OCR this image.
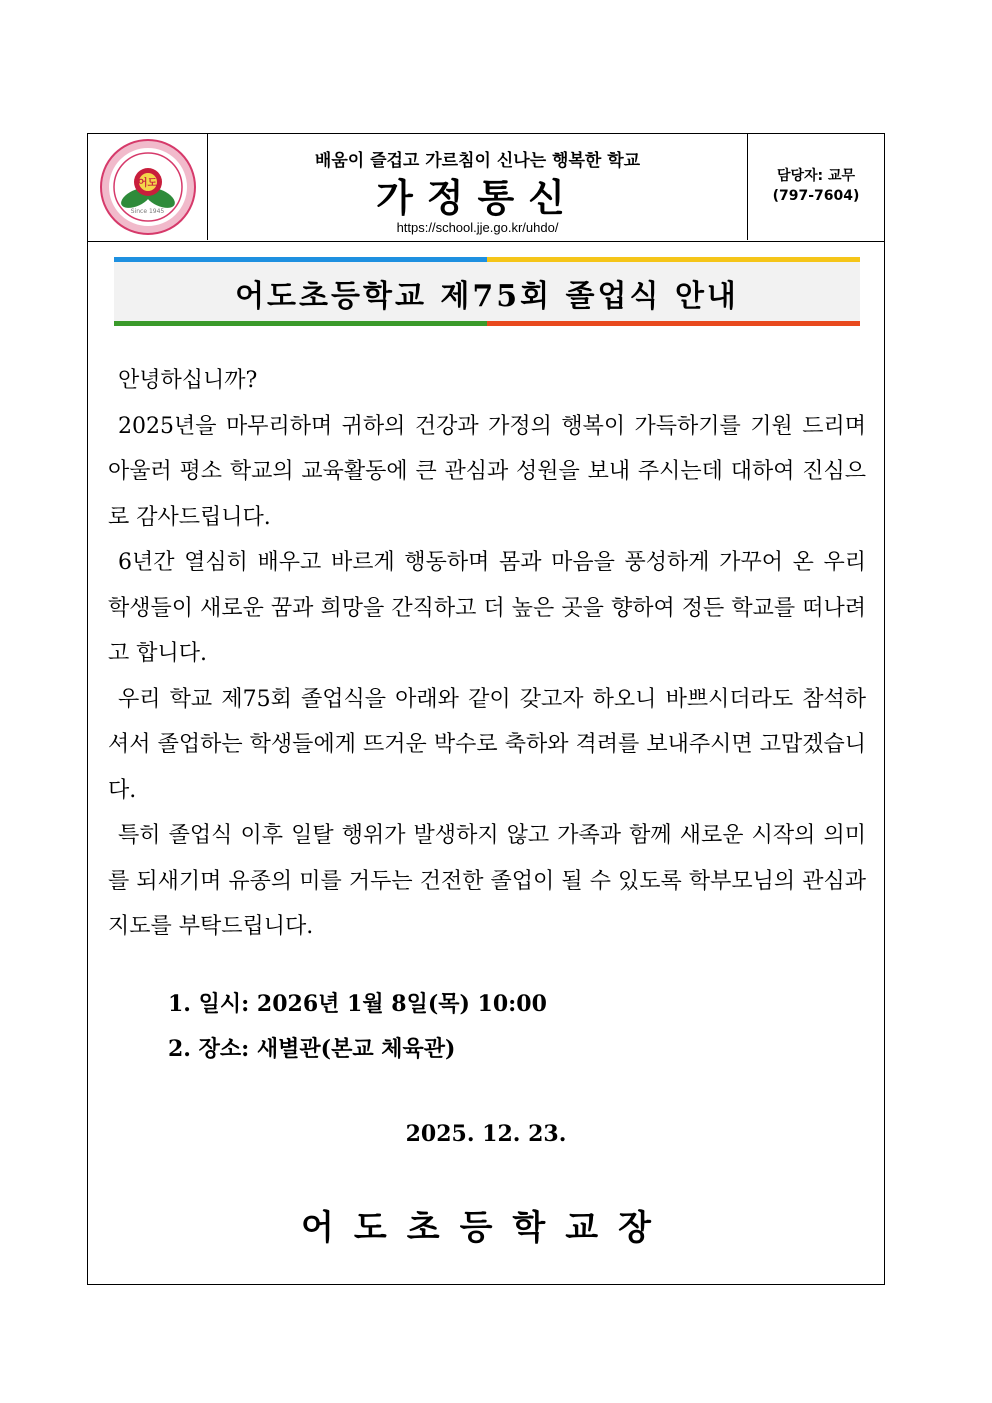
어도
Since 1945
배움이 즐겁고 가르침이 신나는 행복한 학교
가정통신
https://school.jje.go.kr/uhdo/
담당자: 교무
(797-7604)
어도초등학교 제75회 졸업식 안내

안녕하십니까?

2025년을 마무리하며 귀하의 건강과 가정의 행복이 가득하기를 기원 드리며 아울러 평소 학교의 교육활동에 큰 관심과 성원을 보내 주시는데 대하여 진심으로 감사드립니다.

6년간 열심히 배우고 바르게 행동하며 몸과 마음을 풍성하게 가꾸어 온 우리 학생들이 새로운 꿈과 희망을 간직하고 더 높은 곳을 향하여 정든 학교를 떠나려고 합니다.

우리 학교 제75회 졸업식을 아래와 같이 갖고자 하오니 바쁘시더라도 참석하셔서 졸업하는 학생들에게 뜨거운 박수로 축하와 격려를 보내주시면 고맙겠습니다.

특히 졸업식 이후 일탈 행위가 발생하지 않고 가족과 함께 새로운 시작의 의미를 되새기며 유종의 미를 거두는 건전한 졸업이 될 수 있도록 학부모님의 관심과 지도를 부탁드립니다.

1. 일시: 2026년 1월 8일(목) 10:00
2. 장소: 새별관(본교 체육관)
2025. 12. 23.
어도초등학교장
